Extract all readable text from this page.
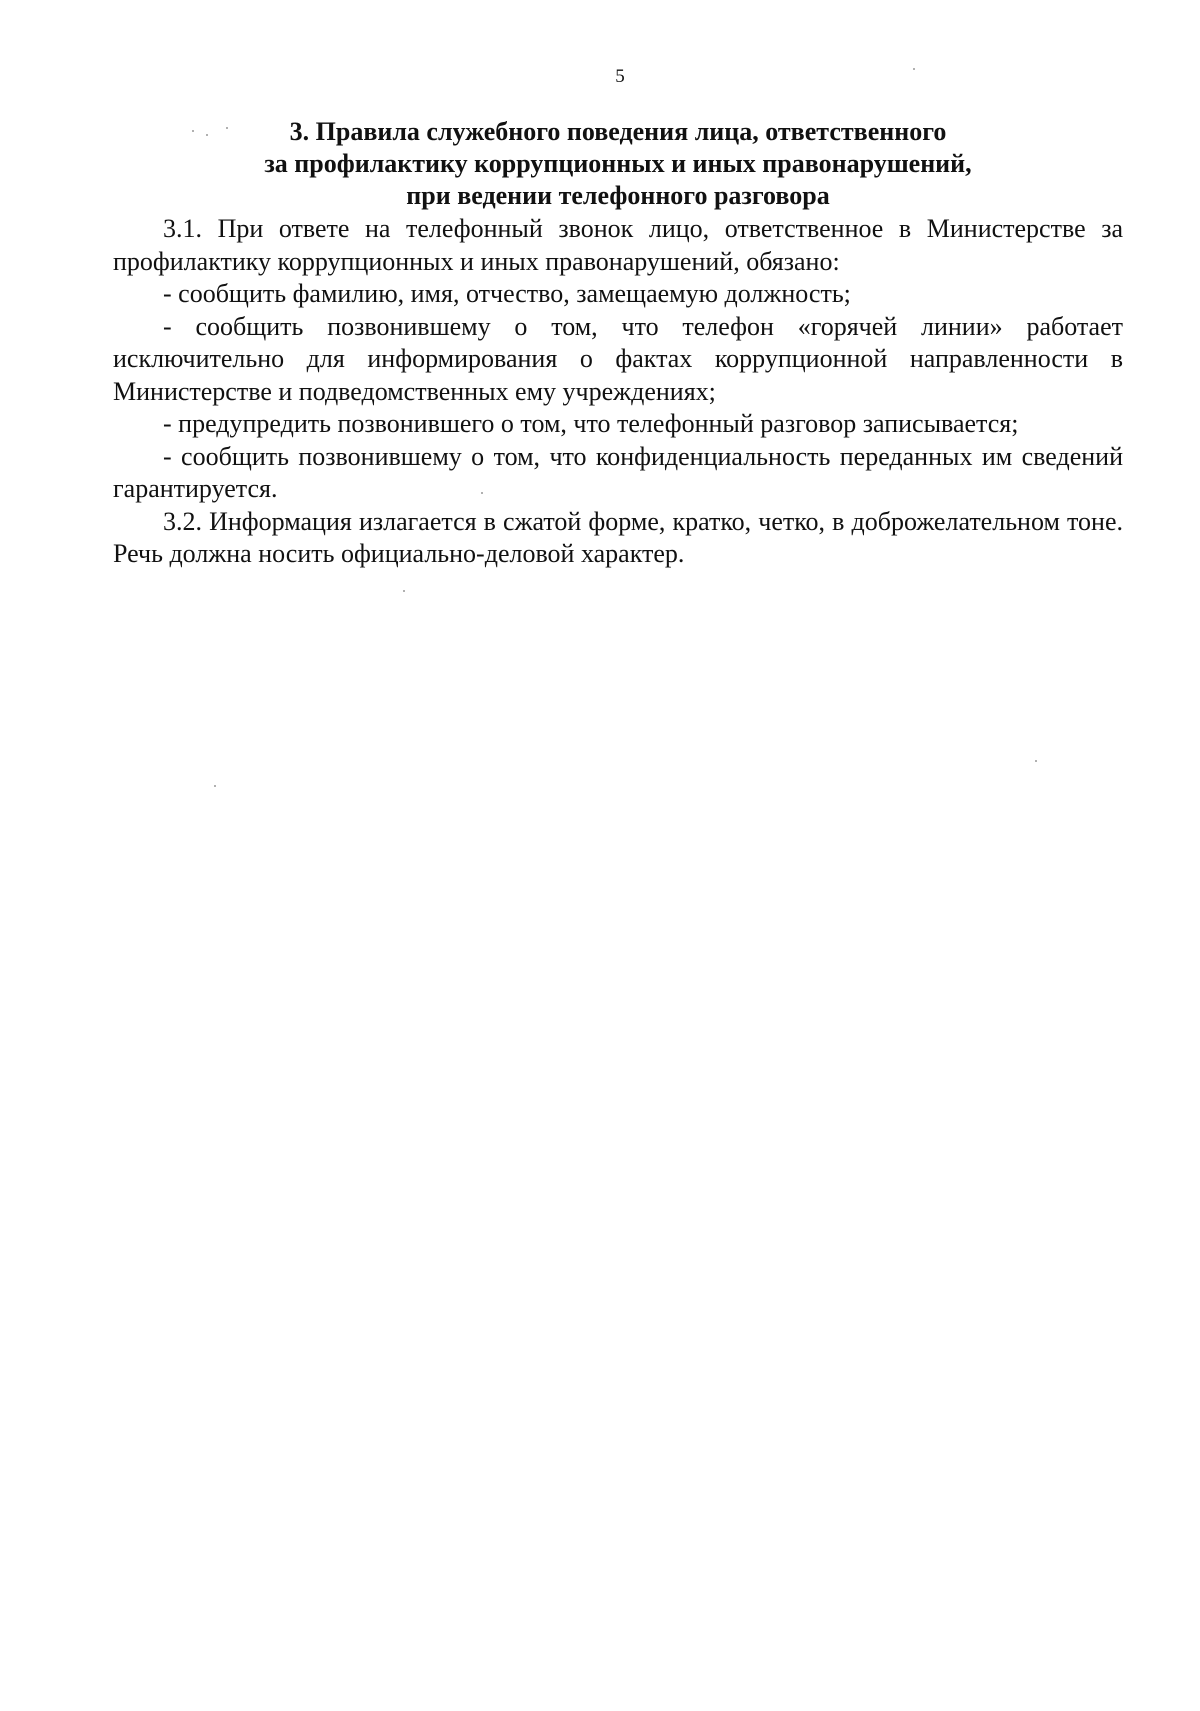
5
3. Правила служебного поведения лица, ответственного
за профилактику коррупционных и иных правонарушений,
при ведении телефонного разговора

3.1. При ответе на телефонный звонок лицо, ответственное в Министерстве за профилактику коррупционных и иных правонарушений, обязано:

- сообщить фамилию, имя, отчество, замещаемую должность;

- сообщить позвонившему о том, что телефон «горячей линии» работает исключительно для информирования о фактах коррупционной направленности в Министерстве и подведомственных ему учреждениях;

- предупредить позвонившего о том, что телефонный разговор записывается;

- сообщить позвонившему о том, что конфиденциальность переданных им сведений гарантируется.

3.2. Информация излагается в сжатой форме, кратко, четко, в доброжелательном тоне. Речь должна носить официально-деловой характер.
